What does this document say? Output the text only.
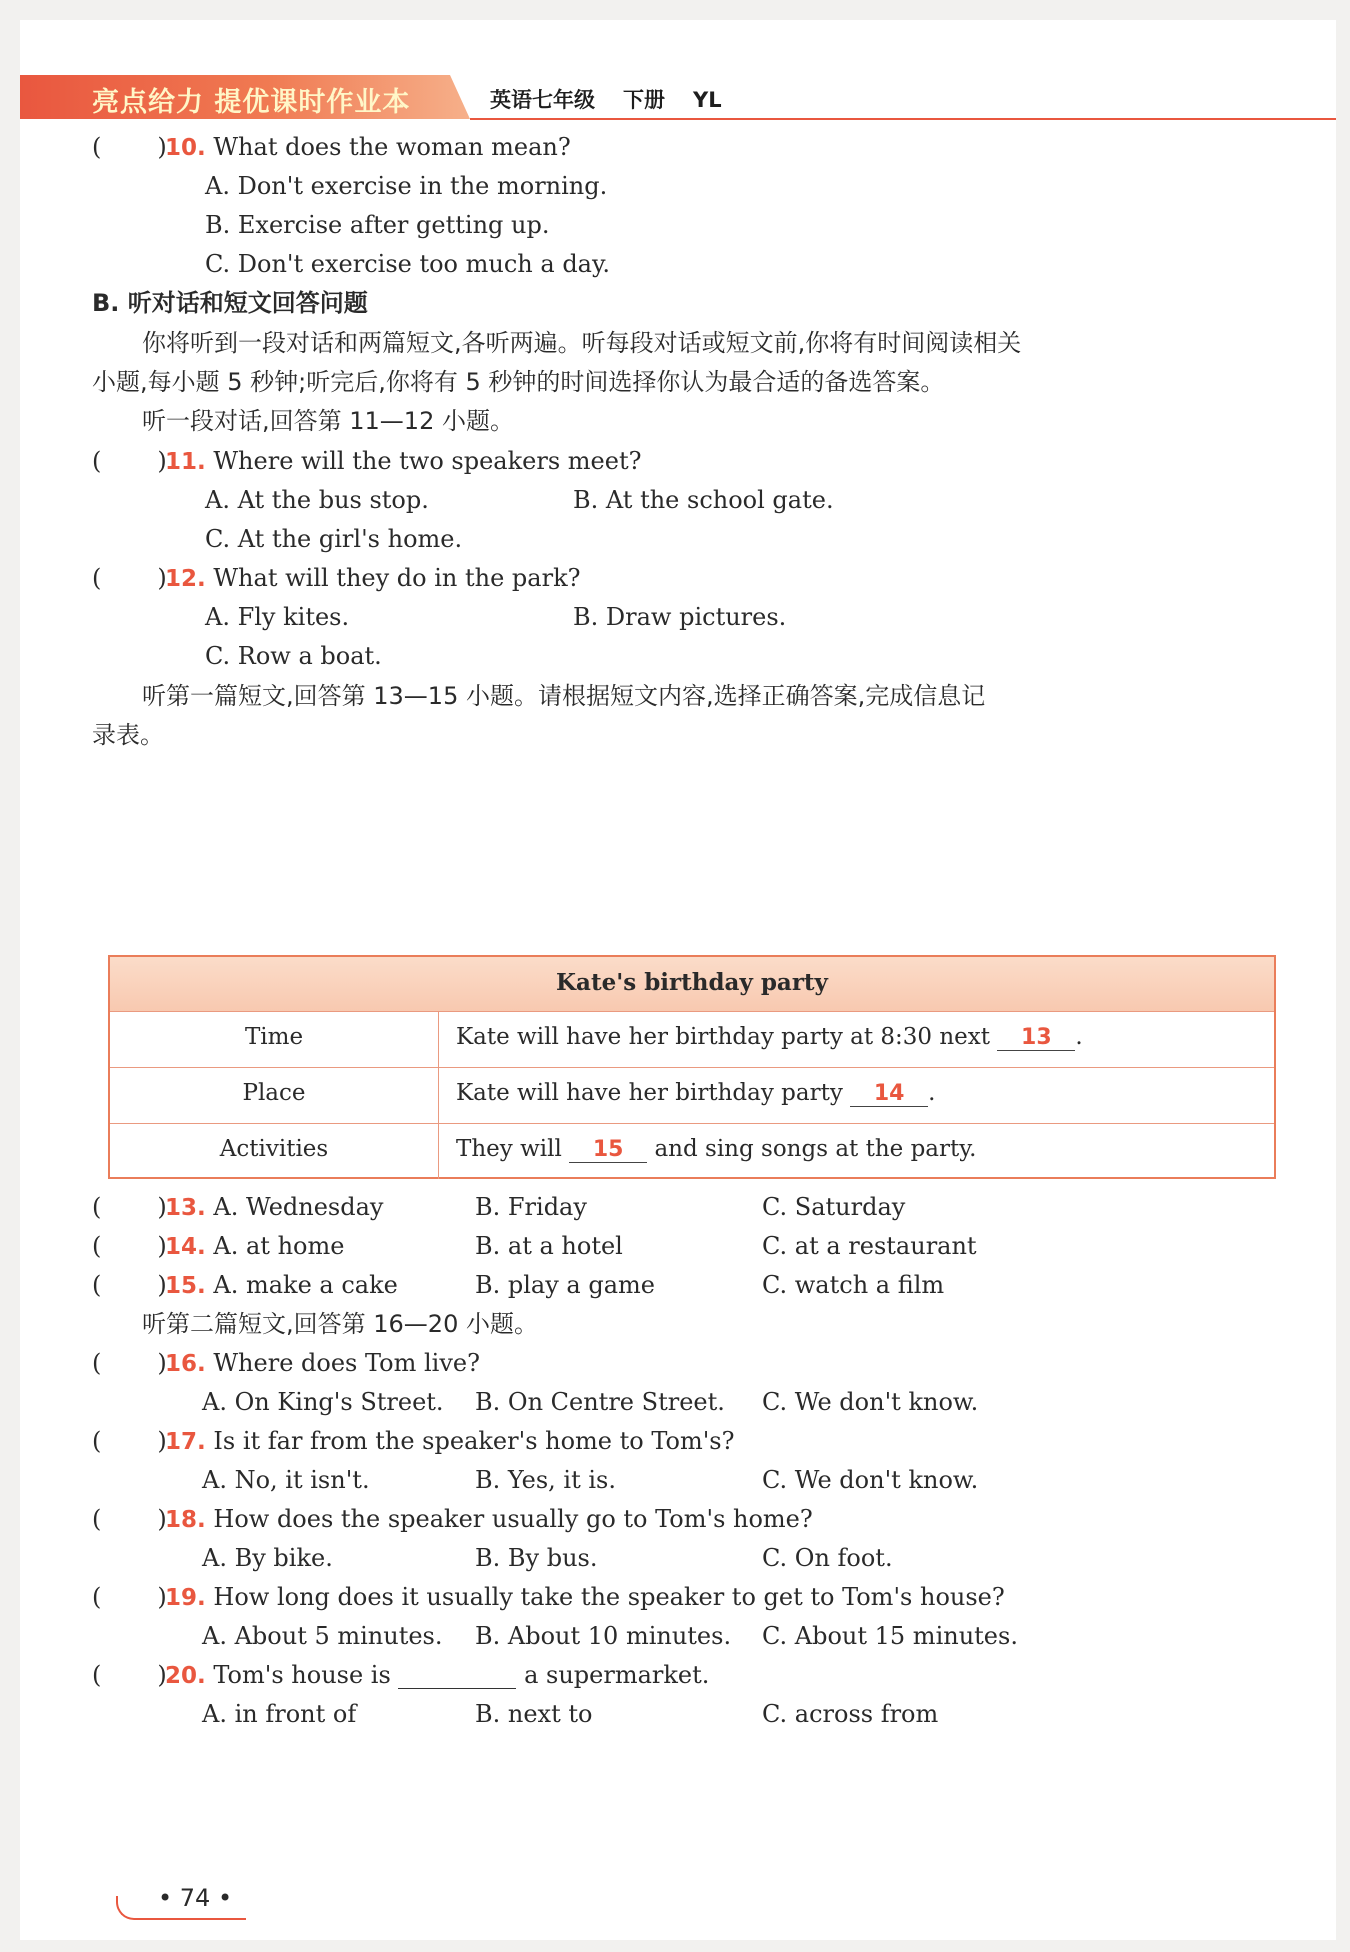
亮点给力 提优课时作业本	英语七年级 下册 YL
( )
10. What does the woman mean?
A. Don't exercise in the morning.
B. Exercise after getting up.
C. Don't exercise too much a day.
B. 听对话和短文回答问题
你将听到一段对话和两篇短文,各听两遍。听每段对话或短文前,你将有时间阅读相关
小题,每小题 5 秒钟;听完后,你将有 5 秒钟的时间选择你认为最合适的备选答案。
听一段对话,回答第 11—12 小题。
( )
11. Where will the two speakers meet?
A. At the bus stop.	B. At the school gate.
C. At the girl's home.
( )
12. What will they do in the park?
A. Fly kites.	B. Draw pictures.
C. Row a boat.
听第一篇短文,回答第 13—15 小题。请根据短文内容,选择正确答案,完成信息记
录表。
Kate's birthday party
Time	Kate will have her birthday party at 8:30 next 13 .
Place	Kate will have her birthday party 14 .
Activities	They will 15 and sing songs at the party.
( )
13. A. Wednesday	B. Friday	C. Saturday
( )
14. A. at home	B. at a hotel	C. at a restaurant
( )
15. A. make a cake	B. play a game	C. watch a film
听第二篇短文,回答第 16—20 小题。
( )
16. Where does Tom live?
A. On King's Street. B. On Centre Street. C. We don't know.
( )
17. Is it far from the speaker's home to Tom's?
A. No, it isn't.	B. Yes, it is.	C. We don't know.
( )
18. How does the speaker usually go to Tom's home?
A. By bike.	B. By bus.	C. On foot.
( )
19. How long does it usually take the speaker to get to Tom's house?
A. About 5 minutes. B. About 10 minutes. C. About 15 minutes.
( )
20. Tom's house is	a supermarket.
A. in front of	B. next to	C. across from
• 74 •
